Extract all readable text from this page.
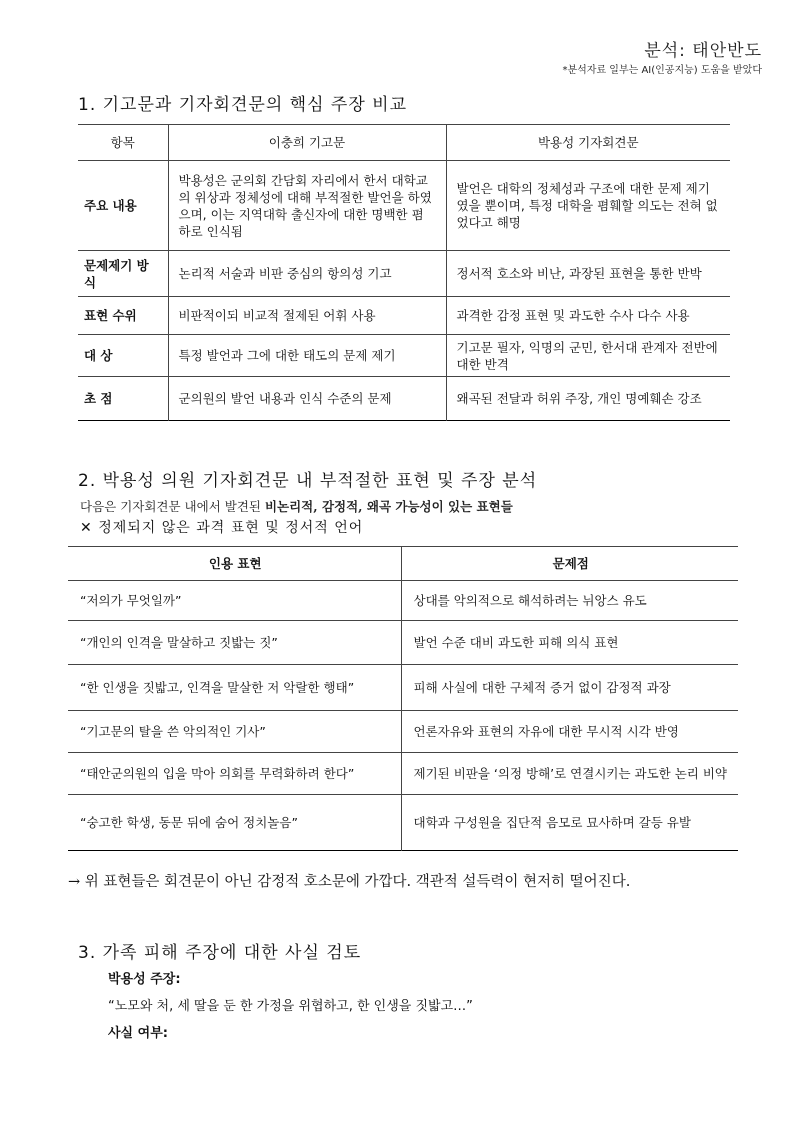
분석: 태안반도
*분석자료 일부는 AI(인공지능) 도움을 받았다
1. 기고문과 기자회견문의 핵심 주장 비교
항목	이충희 기고문	박용성 기자회견문
주요 내용	박용성은 군의회 간담회 자리에서 한서 대학교의 위상과 정체성에 대해 부적절한 발언을 하였으며, 이는 지역대학 출신자에 대한 명백한 폄하로 인식됨	발언은 대학의 정체성과 구조에 대한 문제 제기였을 뿐이며, 특정 대학을 폄훼할 의도는 전혀 없었다고 해명
문제제기 방식	논리적 서술과 비판 중심의 항의성 기고	정서적 호소와 비난, 과장된 표현을 통한 반박
표현 수위	비판적이되 비교적 절제된 어휘 사용	과격한 감정 표현 및 과도한 수사 다수 사용
대 상	특정 발언과 그에 대한 태도의 문제 제기	기고문 필자, 익명의 군민, 한서대 관계자 전반에 대한 반격
초 점	군의원의 발언 내용과 인식 수준의 문제	왜곡된 전달과 허위 주장, 개인 명예훼손 강조
2. 박용성 의원 기자회견문 내 부적절한 표현 및 주장 분석
다음은 기자회견문 내에서 발견된 비논리적, 감정적, 왜곡 가능성이 있는 표현들
✕ 정제되지 않은 과격 표현 및 정서적 언어
인용 표현	문제점
“저의가 무엇일까”	상대를 악의적으로 해석하려는 뉘앙스 유도
“개인의 인격을 말살하고 짓밟는 짓”	발언 수준 대비 과도한 피해 의식 표현
“한 인생을 짓밟고, 인격을 말살한 저 악랄한 행태”	피해 사실에 대한 구체적 증거 없이 감정적 과장
“기고문의 탈을 쓴 악의적인 기사”	언론자유와 표현의 자유에 대한 무시적 시각 반영
“태안군의원의 입을 막아 의회를 무력화하려 한다”	제기된 비판을 ‘의정 방해’로 연결시키는 과도한 논리 비약
“숭고한 학생, 동문 뒤에 숨어 정치놀음”	대학과 구성원을 집단적 음모로 묘사하며 갈등 유발
→ 위 표현들은 회견문이 아닌 감정적 호소문에 가깝다. 객관적 설득력이 현저히 떨어진다.
3. 가족 피해 주장에 대한 사실 검토
박용성 주장:
“노모와 처, 세 딸을 둔 한 가정을 위협하고, 한 인생을 짓밟고…”
사실 여부:
